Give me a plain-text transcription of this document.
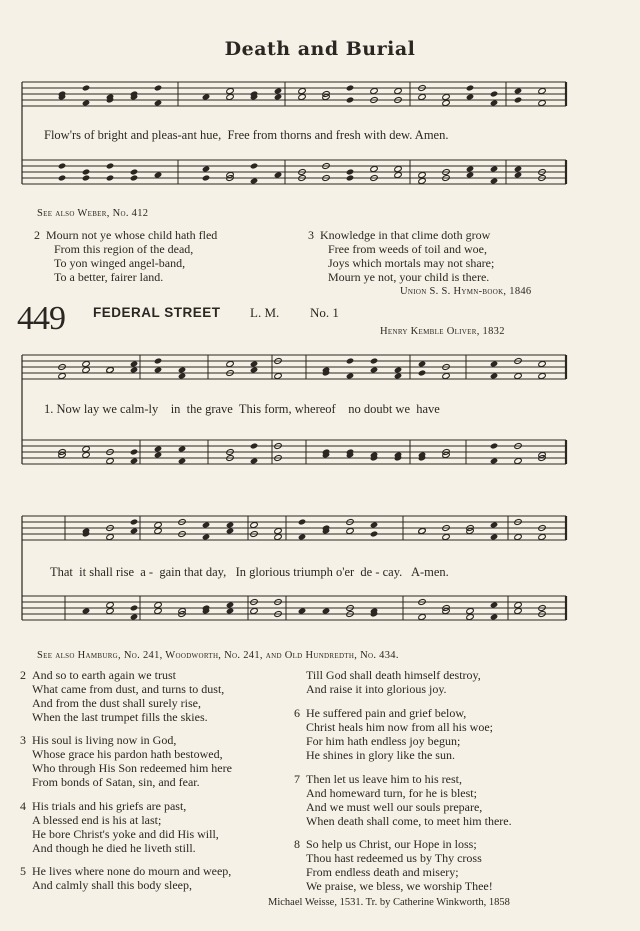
Death and Burial
Flow'rs of bright and pleas-ant hue,  Free from thorns and fresh with dew. Amen.
See also Weber, No. 412
2 Mourn not ye whose child hath fled
From this region of the dead,
To yon winged angel-band,
To a better, fairer land.
3 Knowledge in that clime doth grow
Free from weeds of toil and woe,
Joys which mortals may not share;
Mourn ye not, your child is there.
Union S. S. Hymn-book, 1846
449 FEDERAL STREET L. M. No. 1
Henry Kemble Oliver, 1832
1. Now lay we calm-ly    in  the grave  This form, whereof    no doubt we  have
That  it shall rise  a -  gain that day,   In glorious triumph o'er  de - cay.   A-men.
See also Hamburg, No. 241, Woodworth, No. 241, and Old Hundredth, No. 434.
2 And so to earth again we trust
What came from dust, and turns to dust,
And from the dust shall surely rise,
When the last trumpet fills the skies.
3 His soul is living now in God,
Whose grace his pardon hath bestowed,
Who through His Son redeemed him here
From bonds of Satan, sin, and fear.
4 His trials and his griefs are past,
A blessed end is his at last;
He bore Christ's yoke and did His will,
And though he died he liveth still.
5 He lives where none do mourn and weep,
And calmly shall this body sleep,
Till God shall death himself destroy,
And raise it into glorious joy.
6 He suffered pain and grief below,
Christ heals him now from all his woe;
For him hath endless joy begun;
He shines in glory like the sun.
7 Then let us leave him to his rest,
And homeward turn, for he is blest;
And we must well our souls prepare,
When death shall come, to meet him there.
8 So help us Christ, our Hope in loss;
Thou hast redeemed us by Thy cross
From endless death and misery;
We praise, we bless, we worship Thee!
Michael Weisse, 1531. Tr. by Catherine Winkworth, 1858
